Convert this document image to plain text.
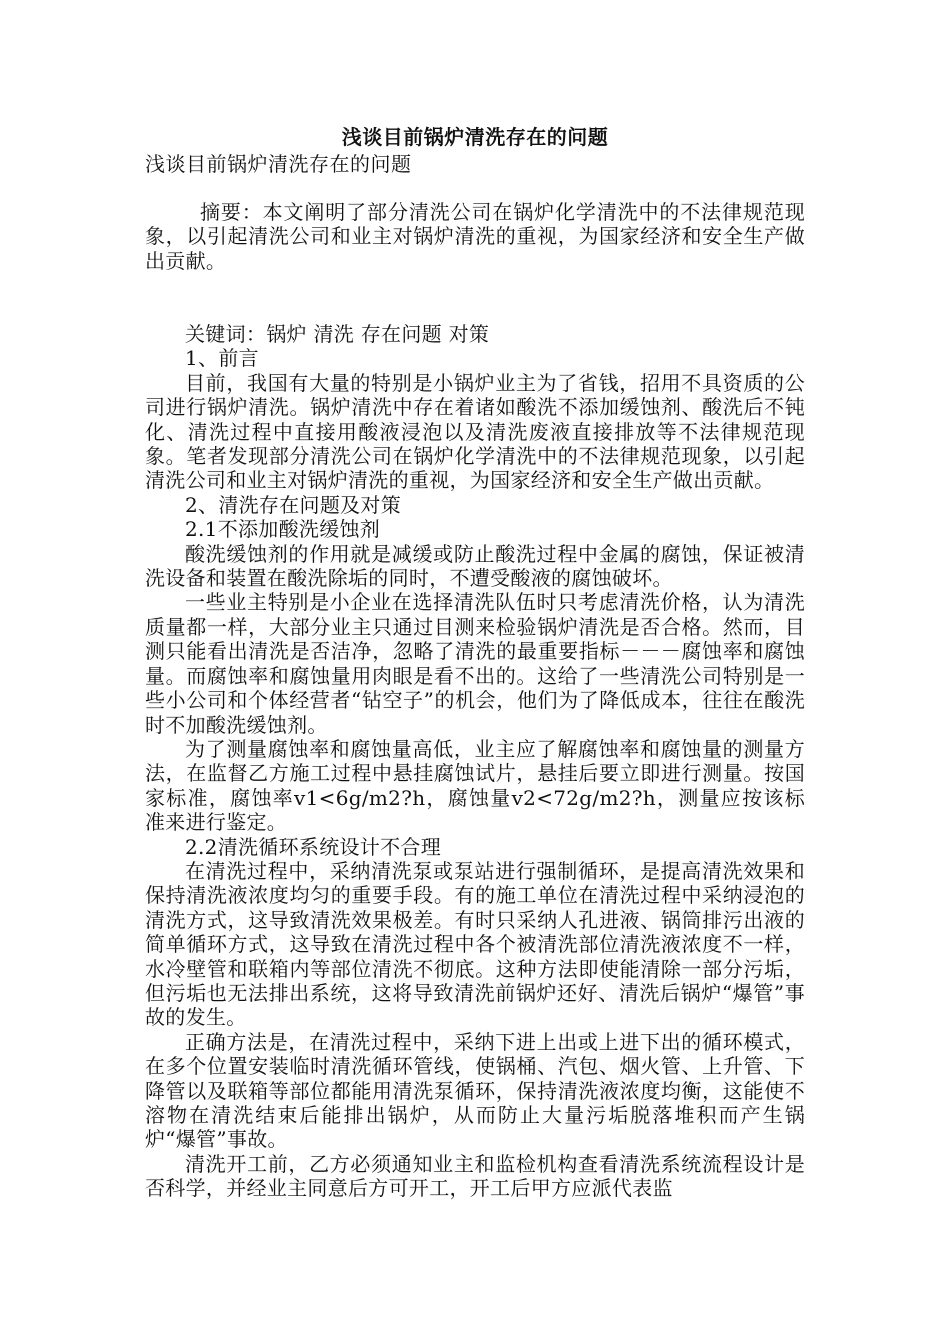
浅谈目前锅炉清洗存在的问题
浅谈目前锅炉清洗存在的问题

摘要：本文阐明了部分清洗公司在锅炉化学清洗中的不法律规范现象，以引起清洗公司和业主对锅炉清洗的重视，为国家经济和安全生产做出贡献。

关键词：锅炉 清洗 存在问题 对策

1、前言

目前，我国有大量的特别是小锅炉业主为了省钱，招用不具资质的公司进行锅炉清洗。锅炉清洗中存在着诸如酸洗不添加缓蚀剂、酸洗后不钝化、清洗过程中直接用酸液浸泡以及清洗废液直接排放等不法律规范现象。笔者发现部分清洗公司在锅炉化学清洗中的不法律规范现象，以引起清洗公司和业主对锅炉清洗的重视，为国家经济和安全生产做出贡献。

2、清洗存在问题及对策

2.1不添加酸洗缓蚀剂

酸洗缓蚀剂的作用就是减缓或防止酸洗过程中金属的腐蚀，保证被清洗设备和装置在酸洗除垢的同时，不遭受酸液的腐蚀破坏。

一些业主特别是小企业在选择清洗队伍时只考虑清洗价格，认为清洗质量都一样，大部分业主只通过目测来检验锅炉清洗是否合格。然而，目测只能看出清洗是否洁净，忽略了清洗的最重要指标－－－腐蚀率和腐蚀量。而腐蚀率和腐蚀量用肉眼是看不出的。这给了一些清洗公司特别是一些小公司和个体经营者“钻空子”的机会，他们为了降低成本，往往在酸洗时不加酸洗缓蚀剂。

为了测量腐蚀率和腐蚀量高低，业主应了解腐蚀率和腐蚀量的测量方法，在监督乙方施工过程中悬挂腐蚀试片，悬挂后要立即进行测量。按国家标准，腐蚀率v1<6g/m2?h，腐蚀量v2<72g/m2?h，测量应按该标准来进行鉴定。

2.2清洗循环系统设计不合理

在清洗过程中，采纳清洗泵或泵站进行强制循环，是提高清洗效果和保持清洗液浓度均匀的重要手段。有的施工单位在清洗过程中采纳浸泡的清洗方式，这导致清洗效果极差。有时只采纳人孔进液、锅筒排污出液的简单循环方式，这导致在清洗过程中各个被清洗部位清洗液浓度不一样，水冷壁管和联箱内等部位清洗不彻底。这种方法即使能清除一部分污垢，但污垢也无法排出系统，这将导致清洗前锅炉还好、清洗后锅炉“爆管”事故的发生。

正确方法是，在清洗过程中，采纳下进上出或上进下出的循环模式，在多个位置安装临时清洗循环管线，使锅桶、汽包、烟火管、上升管、下降管以及联箱等部位都能用清洗泵循环，保持清洗液浓度均衡，这能使不溶物在清洗结束后能排出锅炉，从而防止大量污垢脱落堆积而产生锅炉“爆管”事故。

清洗开工前，乙方必须通知业主和监检机构查看清洗系统流程设计是否科学，并经业主同意后方可开工，开工后甲方应派代表监
